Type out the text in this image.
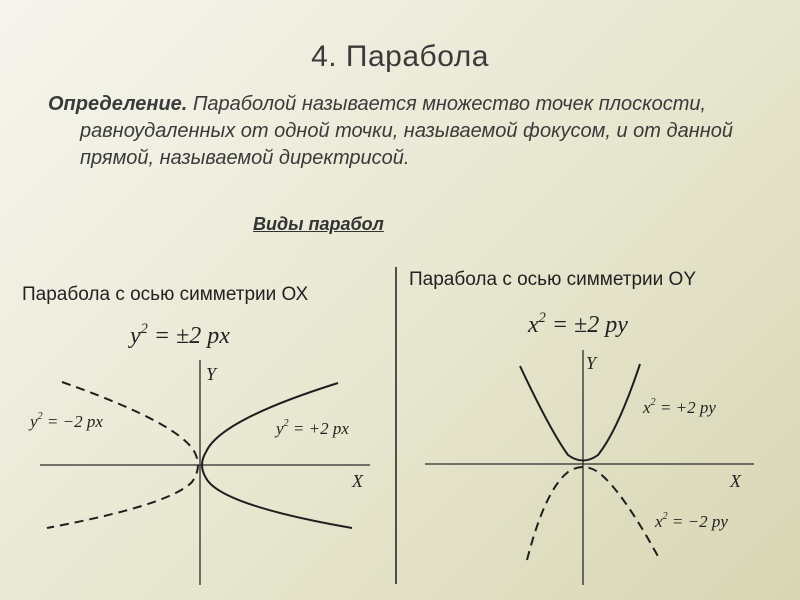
4. Парабола
Определение. Параболой называется множество точек плоскости, равноудаленных от одной точки, называемой фокусом, и от данной прямой, называемой директрисой.
Виды парабол
Парабола с осью симметрии ОХ
Парабола с осью симметрии ОY
$y^2 = \pm 2$ px	$x^2 = \pm 2$ py
$y^2 = -2$ px	$y^2 = +2$ px
$x^2 = +2$ py
$x^2 = -2$ py
X
Y
X
Y
